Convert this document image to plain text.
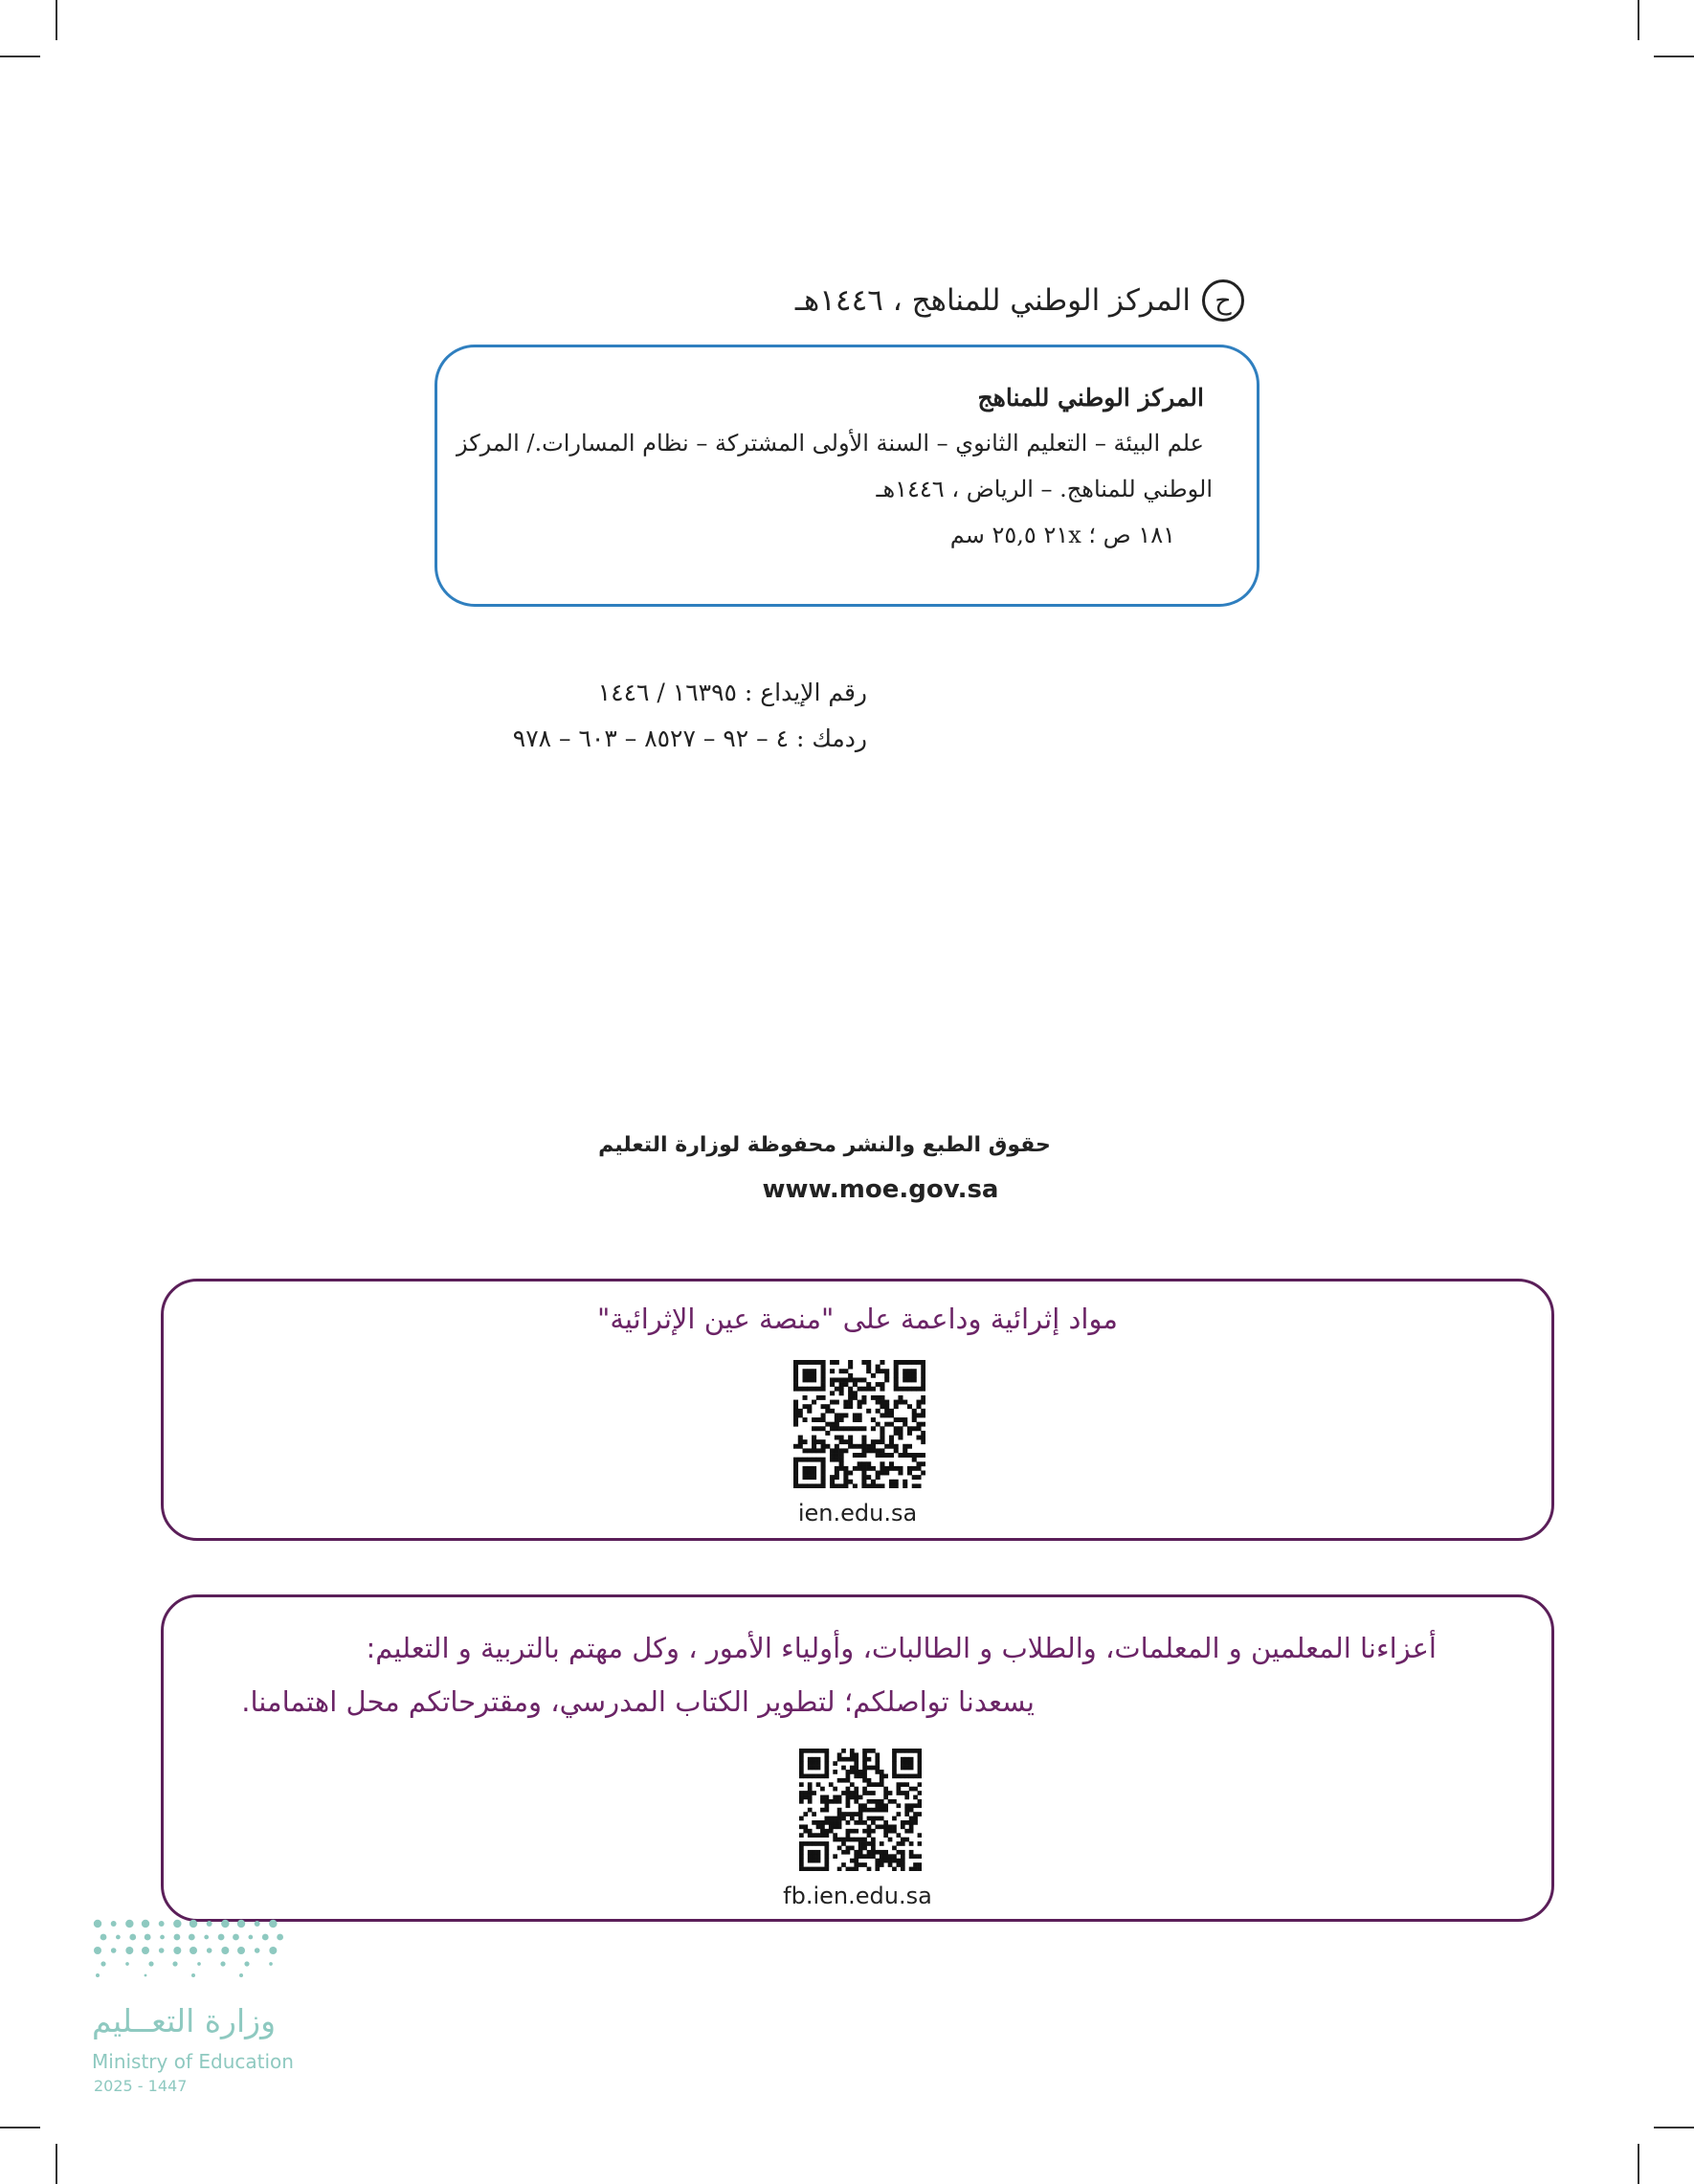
ح
المركز الوطني للمناهج ، ١٤٤٦هـ
المركز الوطني للمناهج
علم البيئة – التعليم الثانوي – السنة الأولى المشتركة – نظام المسارات./ المركز
الوطني للمناهج. – الرياض ، ١٤٤٦هـ
١٨١ ص ؛ ٢١x ٢٥,٥ سم
رقم الإيداع : ١٦٣٩٥ / ١٤٤٦
ردمك : ٤ – ٩٢ – ٨٥٢٧ – ٦٠٣ – ٩٧٨
حقوق الطبع والنشر محفوظة لوزارة التعليم
www.moe.gov.sa
مواد إثرائية وداعمة على "منصة عين الإثرائية"
ien.edu.sa
أعزاءنا المعلمين و المعلمات، والطلاب و الطالبات، وأولياء الأمور ، وكل مهتم بالتربية و التعليم:
يسعدنا تواصلكم؛ لتطوير الكتاب المدرسي، ومقترحاتكم محل اهتمامنا.
fb.ien.edu.sa
وزارة التعــليم
Ministry of Education
2025 - 1447
